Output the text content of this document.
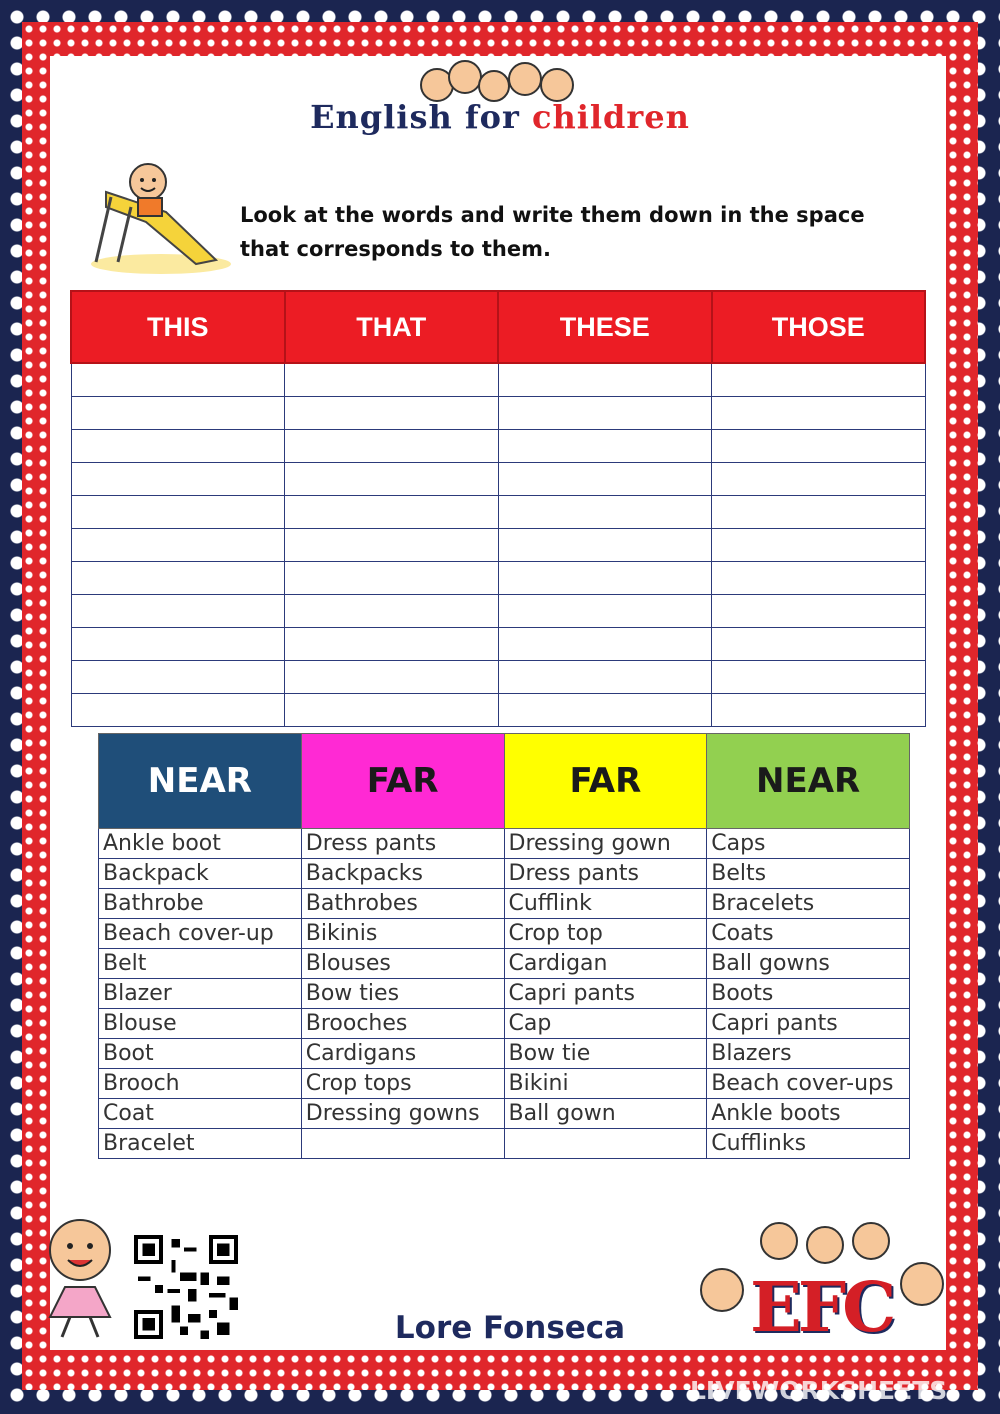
English for children
Look at the words and write them down in the space that corresponds to them.
THIS	THAT	THESE	THOSE

NEAR	FAR	FAR	NEAR
Ankle boot	Dress pants	Dressing gown	Caps
Backpack	Backpacks	Dress pants	Belts
Bathrobe	Bathrobes	Cufflink	Bracelets
Beach cover-up	Bikinis	Crop top	Coats
Belt	Blouses	Cardigan	Ball gowns
Blazer	Bow ties	Capri pants	Boots
Blouse	Brooches	Cap	Capri pants
Boot	Cardigans	Bow tie	Blazers
Brooch	Crop tops	Bikini	Beach cover-ups
Coat	Dressing gowns	Ball gown	Ankle boots
Bracelet			Cufflinks
Lore Fonseca	EFC
LIVEWORKSHEETS
